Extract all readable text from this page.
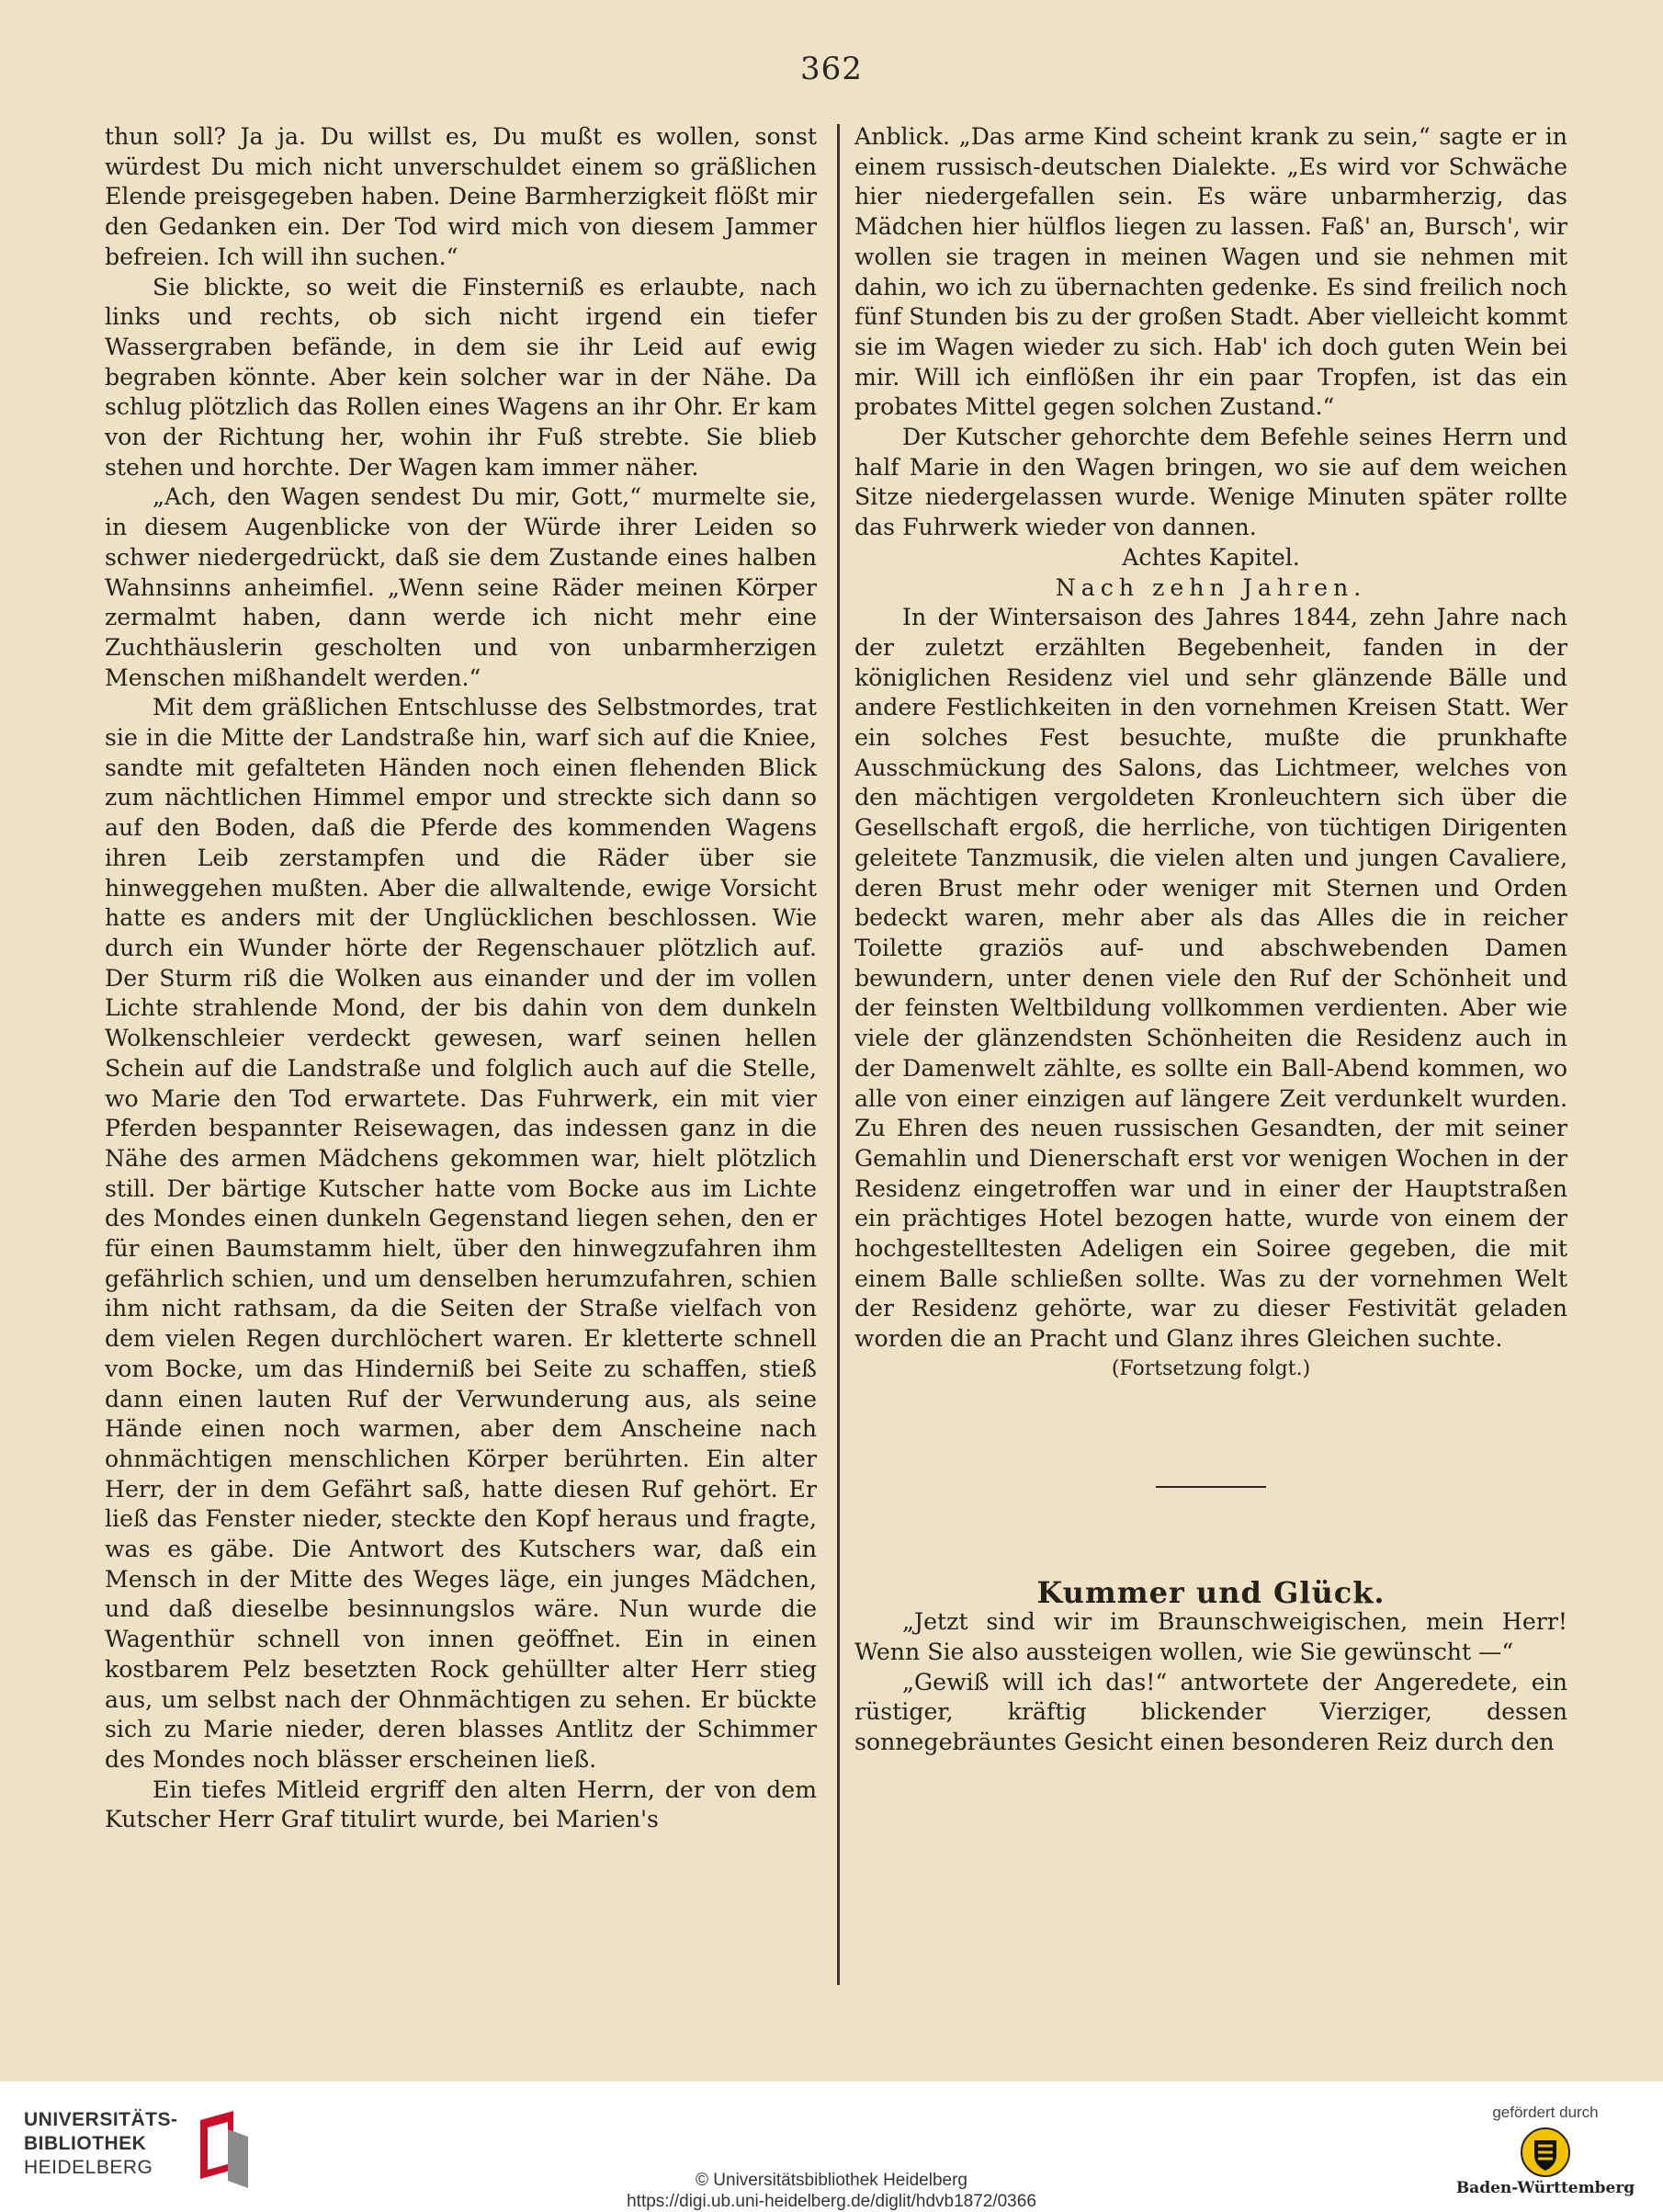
362

thun soll? Ja ja. Du willst es, Du mußt es wollen, sonst würdest Du mich nicht unverschuldet einem so gräßlichen Elende preisgegeben haben. Deine Barmherzigkeit flößt mir den Gedanken ein. Der Tod wird mich von diesem Jammer befreien. Ich will ihn suchen.“

Sie blickte, so weit die Finsterniß es erlaubte, nach links und rechts, ob sich nicht irgend ein tiefer Wassergraben befände, in dem sie ihr Leid auf ewig begraben könnte. Aber kein solcher war in der Nähe. Da schlug plötzlich das Rollen eines Wagens an ihr Ohr. Er kam von der Richtung her, wohin ihr Fuß strebte. Sie blieb stehen und horchte. Der Wagen kam immer näher.

„Ach, den Wagen sendest Du mir, Gott,“ murmelte sie, in diesem Augenblicke von der Würde ihrer Leiden so schwer niedergedrückt, daß sie dem Zustande eines halben Wahnsinns anheimfiel. „Wenn seine Räder meinen Körper zermalmt haben, dann werde ich nicht mehr eine Zuchthäuslerin gescholten und von unbarmherzigen Menschen mißhandelt werden.“

Mit dem gräßlichen Entschlusse des Selbstmordes, trat sie in die Mitte der Landstraße hin, warf sich auf die Kniee, sandte mit gefalteten Händen noch einen flehenden Blick zum nächtlichen Himmel empor und streckte sich dann so auf den Boden, daß die Pferde des kommenden Wagens ihren Leib zerstampfen und die Räder über sie hinweggehen mußten. Aber die allwaltende, ewige Vorsicht hatte es anders mit der Unglücklichen beschlossen. Wie durch ein Wunder hörte der Regenschauer plötzlich auf. Der Sturm riß die Wolken aus einander und der im vollen Lichte strahlende Mond, der bis dahin von dem dunkeln Wolkenschleier verdeckt gewesen, warf seinen hellen Schein auf die Landstraße und folglich auch auf die Stelle, wo Marie den Tod erwartete. Das Fuhrwerk, ein mit vier Pferden bespannter Reisewagen, das indessen ganz in die Nähe des armen Mädchens gekommen war, hielt plötzlich still. Der bärtige Kutscher hatte vom Bocke aus im Lichte des Mondes einen dunkeln Gegenstand liegen sehen, den er für einen Baumstamm hielt, über den hinwegzufahren ihm gefährlich schien, und um denselben herumzufahren, schien ihm nicht rathsam, da die Seiten der Straße vielfach von dem vielen Regen durchlöchert waren. Er kletterte schnell vom Bocke, um das Hinderniß bei Seite zu schaffen, stieß dann einen lauten Ruf der Verwunderung aus, als seine Hände einen noch warmen, aber dem Anscheine nach ohnmächtigen menschlichen Körper berührten. Ein alter Herr, der in dem Gefährt saß, hatte diesen Ruf gehört. Er ließ das Fenster nieder, steckte den Kopf heraus und fragte, was es gäbe. Die Antwort des Kutschers war, daß ein Mensch in der Mitte des Weges läge, ein junges Mädchen, und daß dieselbe besinnungslos wäre. Nun wurde die Wagenthür schnell von innen geöffnet. Ein in einen kostbarem Pelz besetzten Rock gehüllter alter Herr stieg aus, um selbst nach der Ohnmächtigen zu sehen. Er bückte sich zu Marie nieder, deren blasses Antlitz der Schimmer des Mondes noch blässer erscheinen ließ.

Ein tiefes Mitleid ergriff den alten Herrn, der von dem Kutscher Herr Graf titulirt wurde, bei Marien's

Anblick. „Das arme Kind scheint krank zu sein,“ sagte er in einem russisch-deutschen Dialekte. „Es wird vor Schwäche hier niedergefallen sein. Es wäre unbarmherzig, das Mädchen hier hülflos liegen zu lassen. Faß' an, Bursch', wir wollen sie tragen in meinen Wagen und sie nehmen mit dahin, wo ich zu übernachten gedenke. Es sind freilich noch fünf Stunden bis zu der großen Stadt. Aber vielleicht kommt sie im Wagen wieder zu sich. Hab' ich doch guten Wein bei mir. Will ich einflößen ihr ein paar Tropfen, ist das ein probates Mittel gegen solchen Zustand.“

Der Kutscher gehorchte dem Befehle seines Herrn und half Marie in den Wagen bringen, wo sie auf dem weichen Sitze niedergelassen wurde. Wenige Minuten später rollte das Fuhrwerk wieder von dannen.

Achtes Kapitel.

Nach zehn Jahren.

In der Wintersaison des Jahres 1844, zehn Jahre nach der zuletzt erzählten Begebenheit, fanden in der königlichen Residenz viel und sehr glänzende Bälle und andere Festlichkeiten in den vornehmen Kreisen Statt. Wer ein solches Fest besuchte, mußte die prunkhafte Ausschmückung des Salons, das Lichtmeer, welches von den mächtigen vergoldeten Kronleuchtern sich über die Gesellschaft ergoß, die herrliche, von tüchtigen Dirigenten geleitete Tanzmusik, die vielen alten und jungen Cavaliere, deren Brust mehr oder weniger mit Sternen und Orden bedeckt waren, mehr aber als das Alles die in reicher Toilette graziös auf- und abschwebenden Damen bewundern, unter denen viele den Ruf der Schönheit und der feinsten Weltbildung vollkommen verdienten. Aber wie viele der glänzendsten Schönheiten die Residenz auch in der Damenwelt zählte, es sollte ein Ball-Abend kommen, wo alle von einer einzigen auf längere Zeit verdunkelt wurden. Zu Ehren des neuen russischen Gesandten, der mit seiner Gemahlin und Dienerschaft erst vor wenigen Wochen in der Residenz eingetroffen war und in einer der Hauptstraßen ein prächtiges Hotel bezogen hatte, wurde von einem der hochgestelltesten Adeligen ein Soiree gegeben, die mit einem Balle schließen sollte. Was zu der vornehmen Welt der Residenz gehörte, war zu dieser Festivität geladen worden die an Pracht und Glanz ihres Gleichen suchte.

(Fortsetzung folgt.)

Kummer und Glück.

„Jetzt sind wir im Braunschweigischen, mein Herr! Wenn Sie also aussteigen wollen, wie Sie gewünscht —“

„Gewiß will ich das!“ antwortete der Angeredete, ein rüstiger, kräftig blickender Vierziger, dessen sonnegebräuntes Gesicht einen besonderen Reiz durch den

UNIVERSITÄTS-
BIBLIOTHEK
HEIDELBERG
© Universitätsbibliothek Heidelberg
https://digi.ub.uni-heidelberg.de/diglit/hdvb1872/0366
gefördert durch
Baden-Württemberg
